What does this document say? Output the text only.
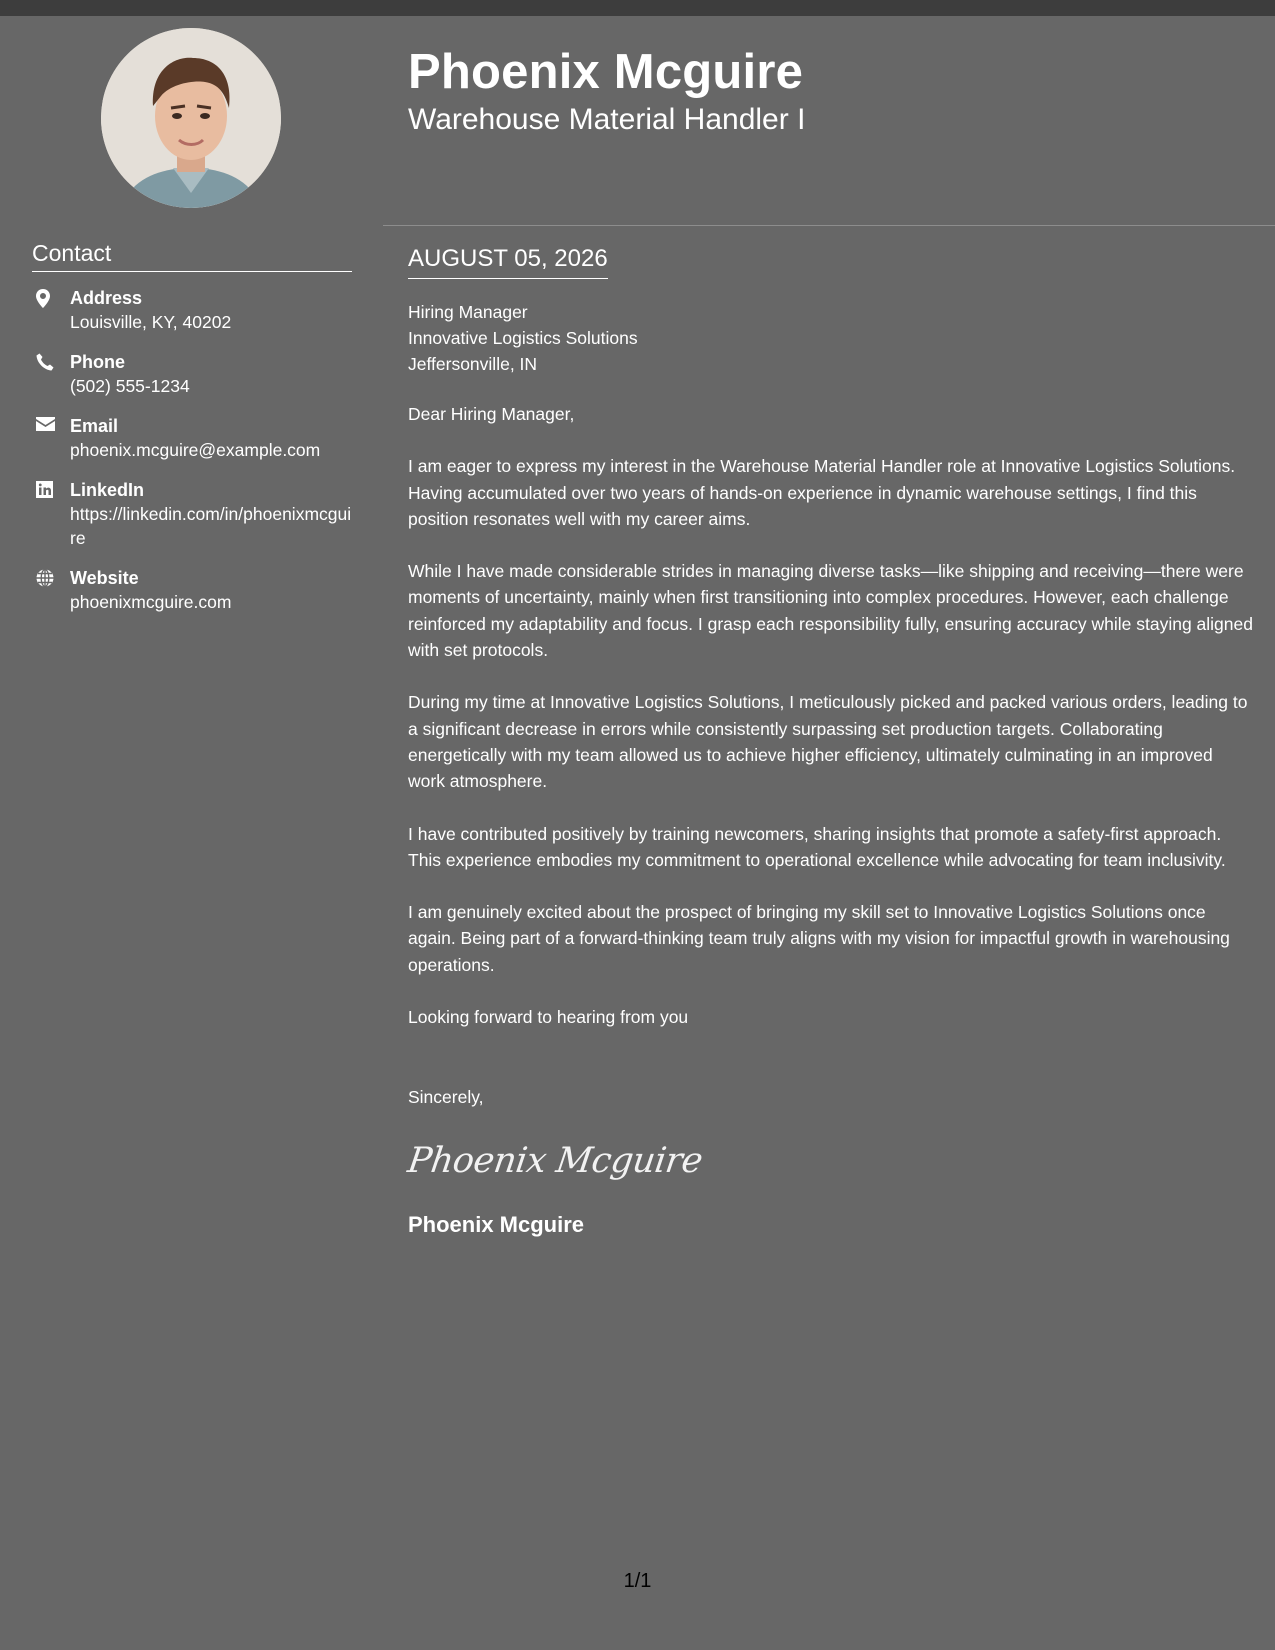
Phoenix Mcguire
Warehouse Material Handler I
Contact
Address
Louisville, KY, 40202
Phone
(502) 555-1234
Email
phoenix.mcguire@example.com
LinkedIn
https://linkedin.com/in/phoenixmcguire
Website
phoenixmcguire.com
AUGUST 05, 2026
Hiring Manager
Innovative Logistics Solutions
Jeffersonville, IN

Dear Hiring Manager,

I am eager to express my interest in the Warehouse Material Handler role at Innovative Logistics Solutions. Having accumulated over two years of hands-on experience in dynamic warehouse settings, I find this position resonates well with my career aims.

While I have made considerable strides in managing diverse tasks—like shipping and receiving—there were moments of uncertainty, mainly when first transitioning into complex procedures. However, each challenge reinforced my adaptability and focus. I grasp each responsibility fully, ensuring accuracy while staying aligned with set protocols.

During my time at Innovative Logistics Solutions, I meticulously picked and packed various orders, leading to a significant decrease in errors while consistently surpassing set production targets. Collaborating energetically with my team allowed us to achieve higher efficiency, ultimately culminating in an improved work atmosphere.

I have contributed positively by training newcomers, sharing insights that promote a safety-first approach. This experience embodies my commitment to operational excellence while advocating for team inclusivity.

I am genuinely excited about the prospect of bringing my skill set to Innovative Logistics Solutions once again. Being part of a forward-thinking team truly aligns with my vision for impactful growth in warehousing operations.

Looking forward to hearing from you

Sincerely,
Phoenix Mcguire
Phoenix Mcguire
1/1
